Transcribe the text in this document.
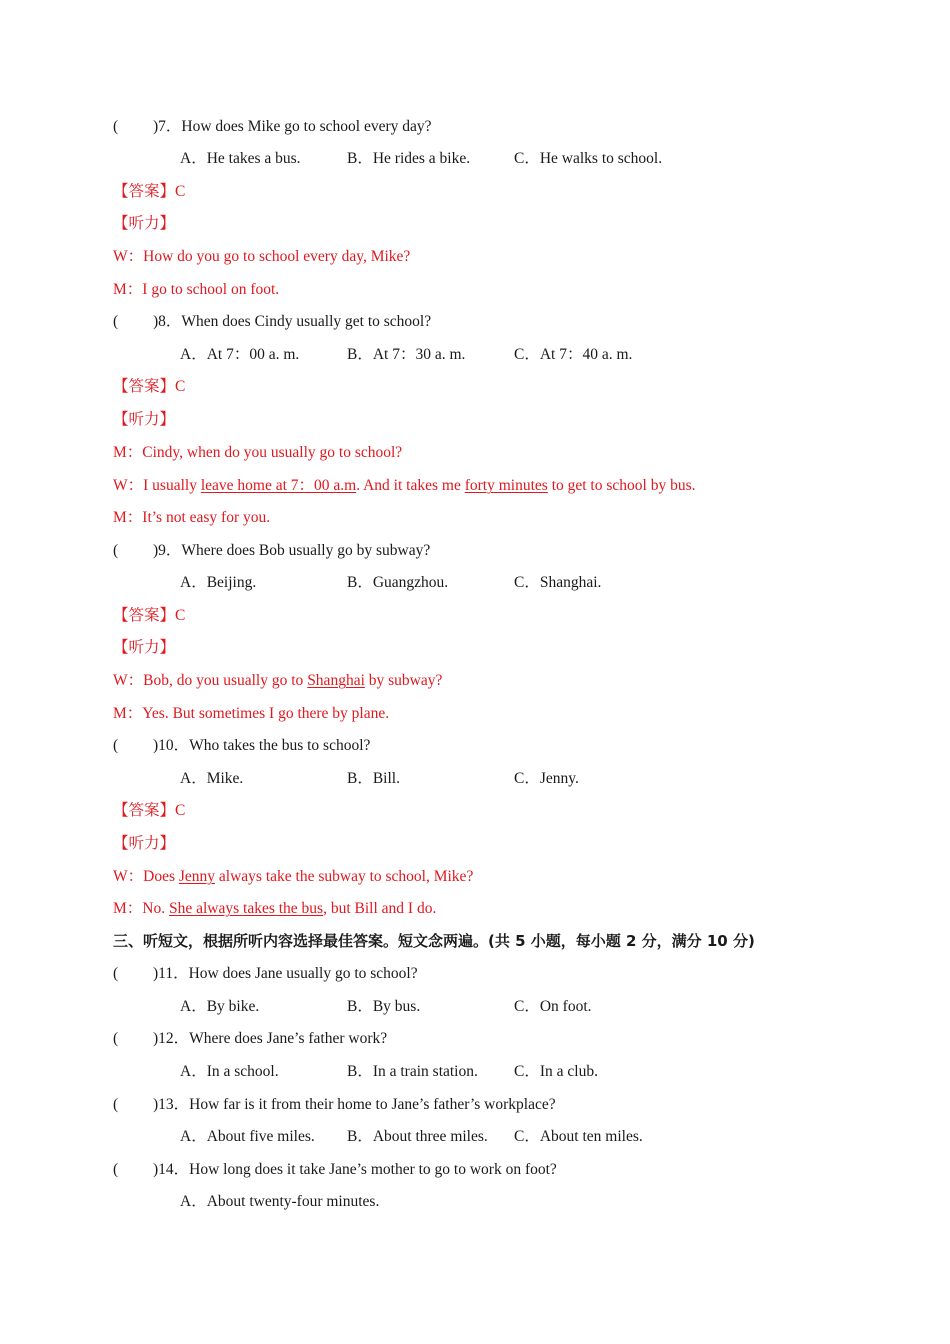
( )7．How does Mike go to school every day?
A．He takes a bus.	B．He rides a bike.	C．He walks to school.
【答案】C
【听力】
W：How do you go to school every day, Mike?
M：I go to school on foot.
( )8．When does Cindy usually get to school?
A．At 7：00 a. m.	B．At 7：30 a. m.	C．At 7：40 a. m.
【答案】C
【听力】
M：Cindy, when do you usually go to school?
W：I usually leave home at 7：00 a.m. And it takes me forty minutes to get to school by bus.
M：It’s not easy for you.
( )9．Where does Bob usually go by subway?
A．Beijing.	B．Guangzhou.	C．Shanghai.
【答案】C
【听力】
W：Bob, do you usually go to Shanghai by subway?
M：Yes. But sometimes I go there by plane.
( )10．Who takes the bus to school?
A．Mike.	B．Bill.	C．Jenny.
【答案】C
【听力】
W：Does Jenny always take the subway to school, Mike?
M：No. She always takes the bus, but Bill and I do.
三、听短文，根据所听内容选择最佳答案。短文念两遍。(共 5 小题，每小题 2 分，满分 10 分)
( )11．How does Jane usually go to school?
A．By bike.	B．By bus.	C．On foot.
( )12．Where does Jane’s father work?
A．In a school.	B．In a train station. C．In a club.
( )13．How far is it from their home to Jane’s father’s workplace?
A．About five miles. B．About three miles. C．About ten miles.
( )14．How long does it take Jane’s mother to go to work on foot?
A．About twenty-four minutes.
